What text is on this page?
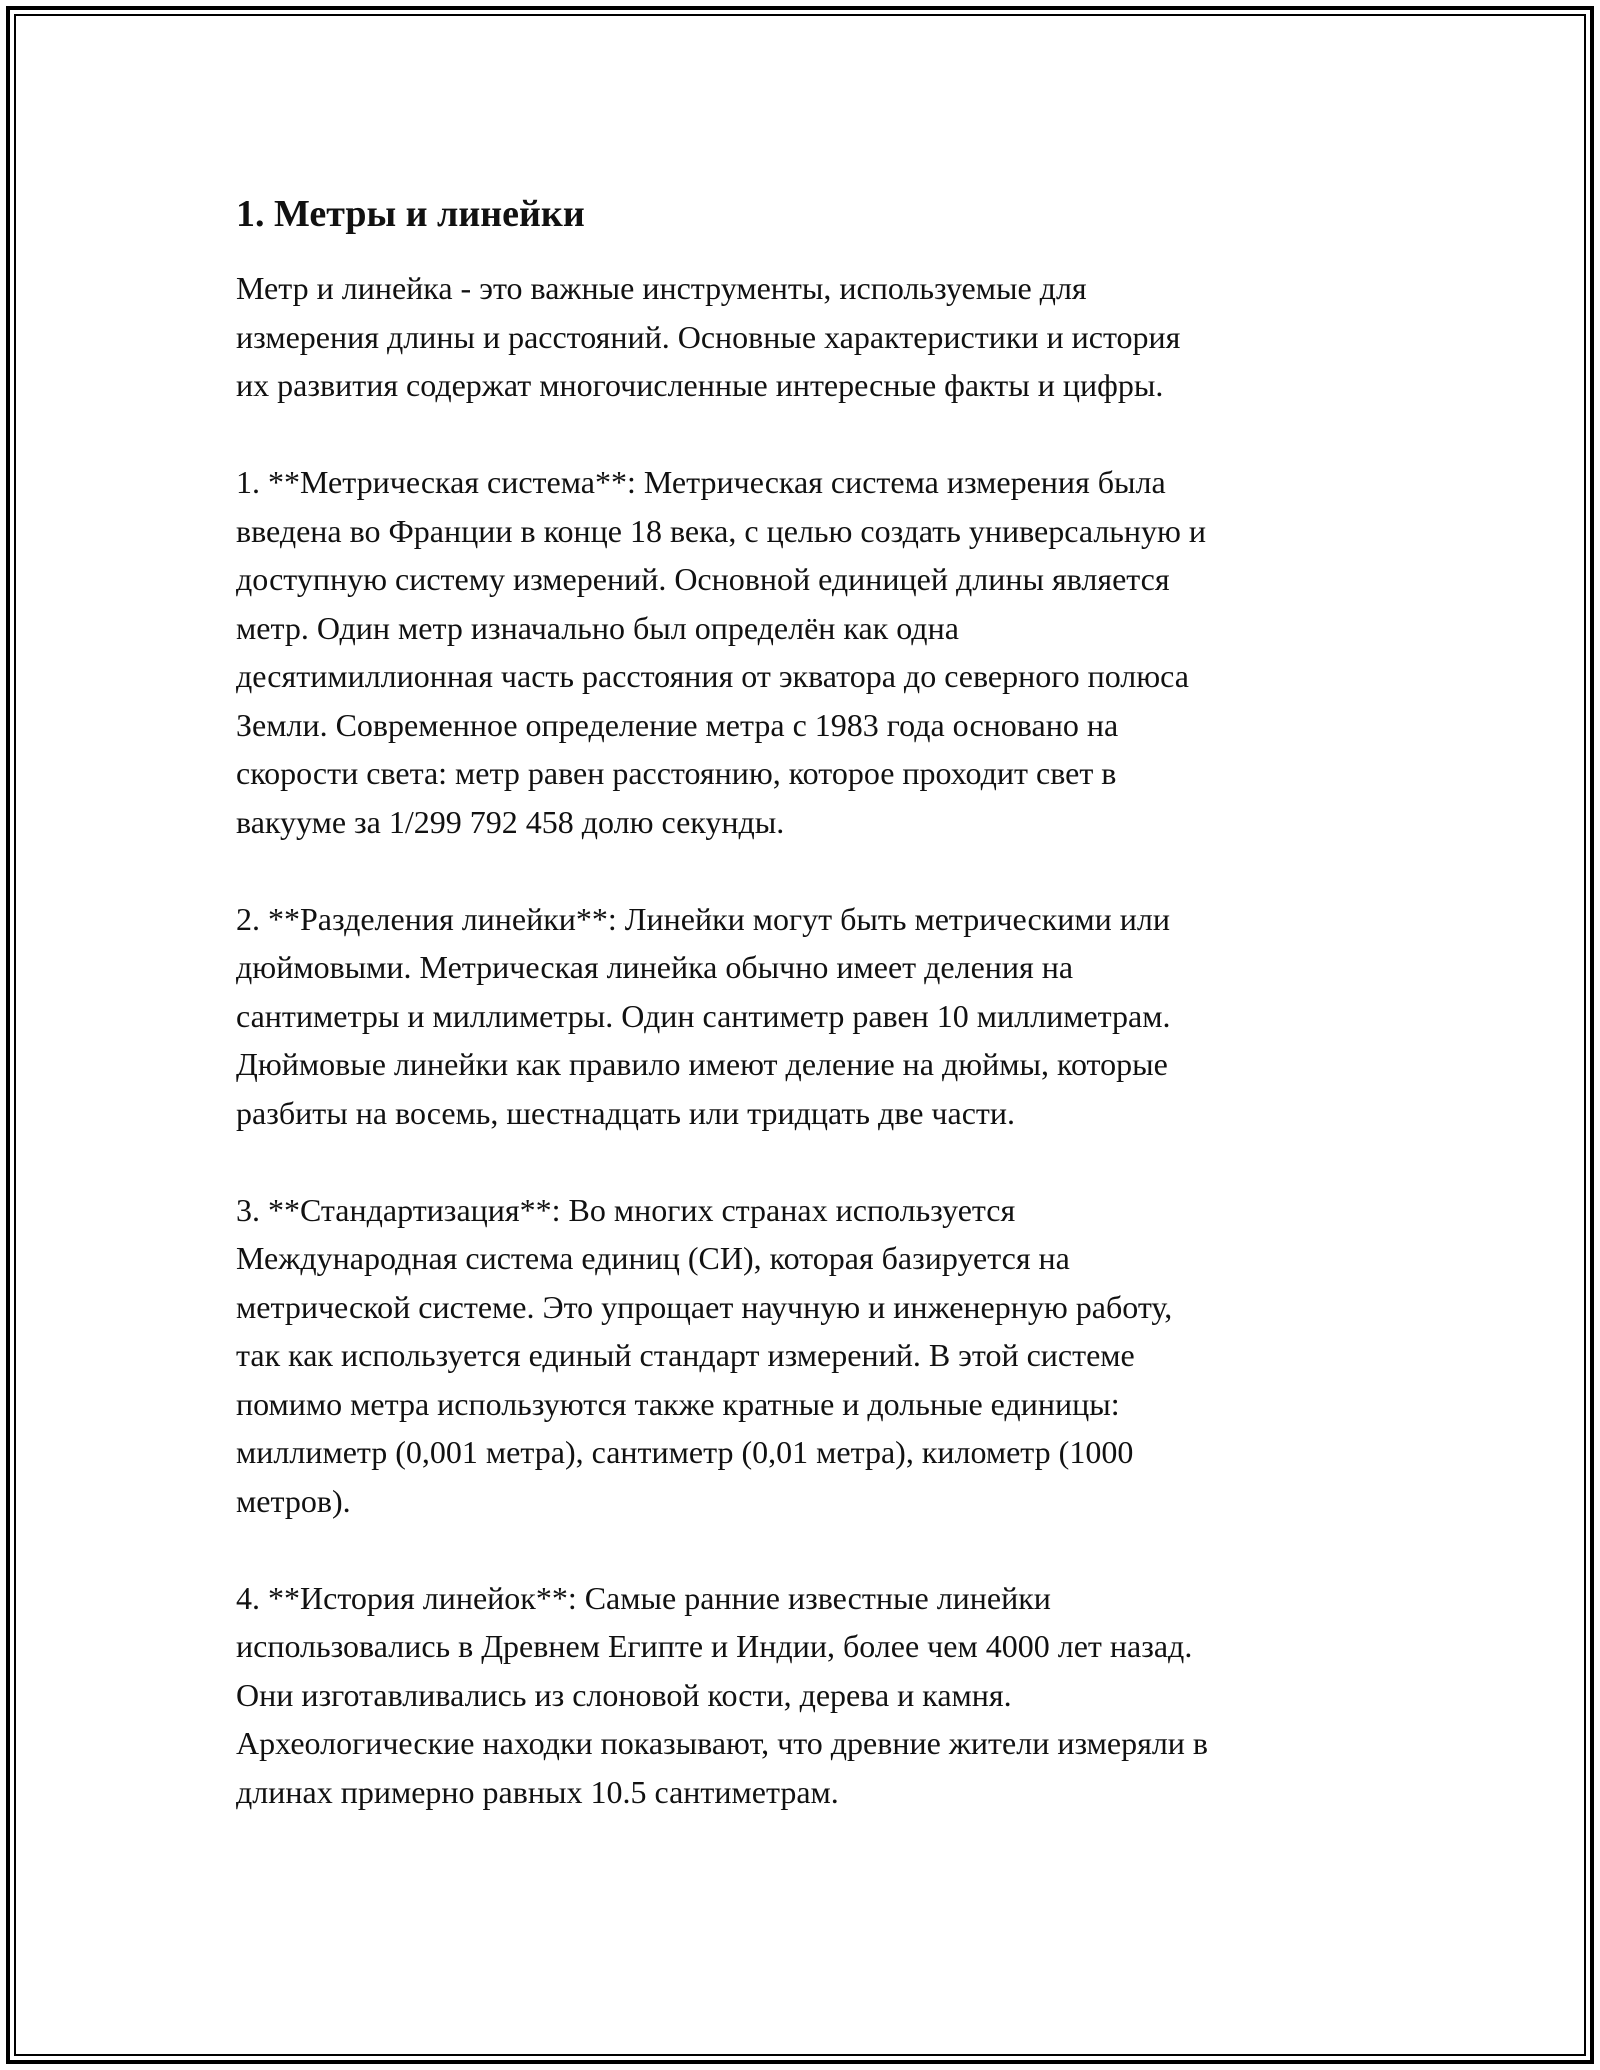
1. Метры и линейки

Метр и линейка - это важные инструменты, используемые для
измерения длины и расстояний. Основные характеристики и история
их развития содержат многочисленные интересные факты и цифры.

1. **Метрическая система**: Метрическая система измерения была
введена во Франции в конце 18 века, с целью создать универсальную и
доступную систему измерений. Основной единицей длины является
метр. Один метр изначально был определён как одна
десятимиллионная часть расстояния от экватора до северного полюса
Земли. Современное определение метра с 1983 года основано на
скорости света: метр равен расстоянию, которое проходит свет в
вакууме за 1/299 792 458 долю секунды.

2. **Разделения линейки**: Линейки могут быть метрическими или
дюймовыми. Метрическая линейка обычно имеет деления на
сантиметры и миллиметры. Один сантиметр равен 10 миллиметрам.
Дюймовые линейки как правило имеют деление на дюймы, которые
разбиты на восемь, шестнадцать или тридцать две части.

3. **Стандартизация**: Во многих странах используется
Международная система единиц (СИ), которая базируется на
метрической системе. Это упрощает научную и инженерную работу,
так как используется единый стандарт измерений. В этой системе
помимо метра используются также кратные и дольные единицы:
миллиметр (0,001 метра), сантиметр (0,01 метра), километр (1000
метров).

4. **История линейок**: Самые ранние известные линейки
использовались в Древнем Египте и Индии, более чем 4000 лет назад.
Они изготавливались из слоновой кости, дерева и камня.
Археологические находки показывают, что древние жители измеряли в
длинах примерно равных 10.5 сантиметрам.
